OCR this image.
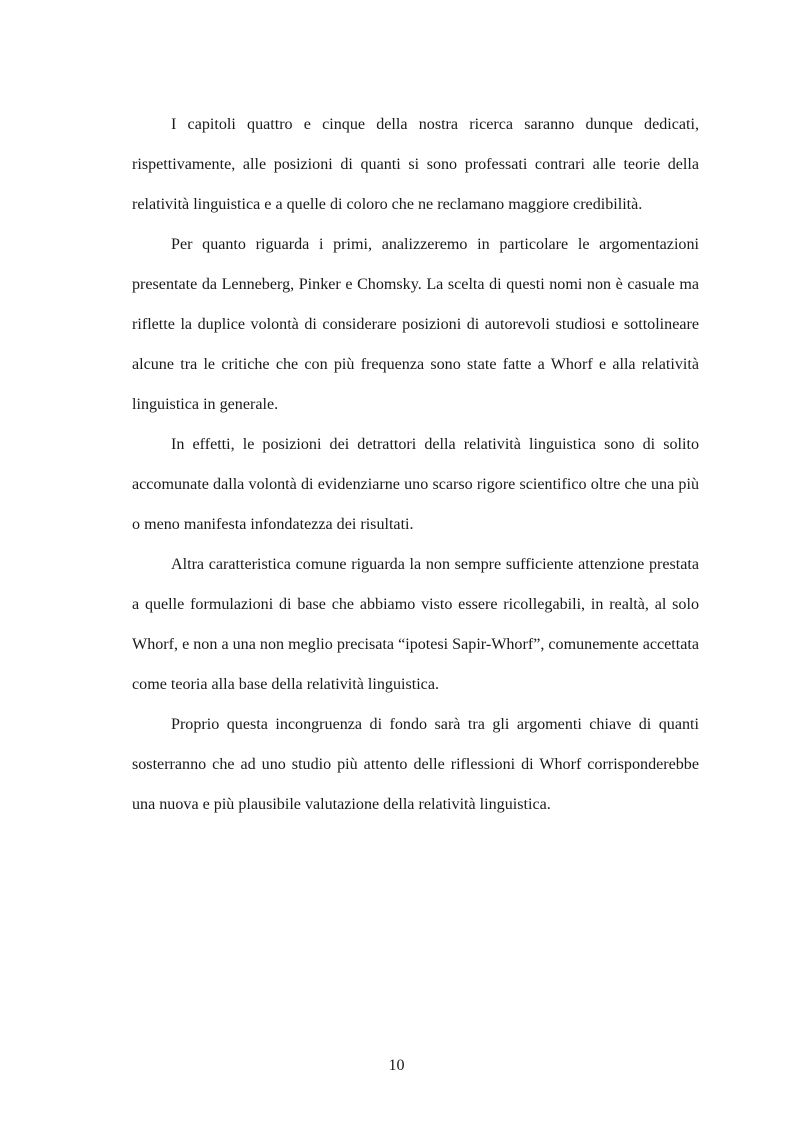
I capitoli quattro e cinque della nostra ricerca saranno dunque dedicati, rispettivamente, alle posizioni di quanti si sono professati contrari alle teorie della relatività linguistica e a quelle di coloro che ne reclamano maggiore credibilità.

Per quanto riguarda i primi, analizzeremo in particolare le argomentazioni presentate da Lenneberg, Pinker e Chomsky. La scelta di questi nomi non è casuale ma riflette la duplice volontà di considerare posizioni di autorevoli studiosi e sottolineare alcune tra le critiche che con più frequenza sono state fatte a Whorf e alla relatività linguistica in generale.

In effetti, le posizioni dei detrattori della relatività linguistica sono di solito accomunate dalla volontà di evidenziarne uno scarso rigore scientifico oltre che una più o meno manifesta infondatezza dei risultati.

Altra caratteristica comune riguarda la non sempre sufficiente attenzione prestata a quelle formulazioni di base che abbiamo visto essere ricollegabili, in realtà, al solo Whorf, e non a una non meglio precisata “ipotesi Sapir-Whorf”, comunemente accettata come teoria alla base della relatività linguistica.

Proprio questa incongruenza di fondo sarà tra gli argomenti chiave di quanti sosterranno che ad uno studio più attento delle riflessioni di Whorf corrisponderebbe una nuova e più plausibile valutazione della relatività linguistica.

10
